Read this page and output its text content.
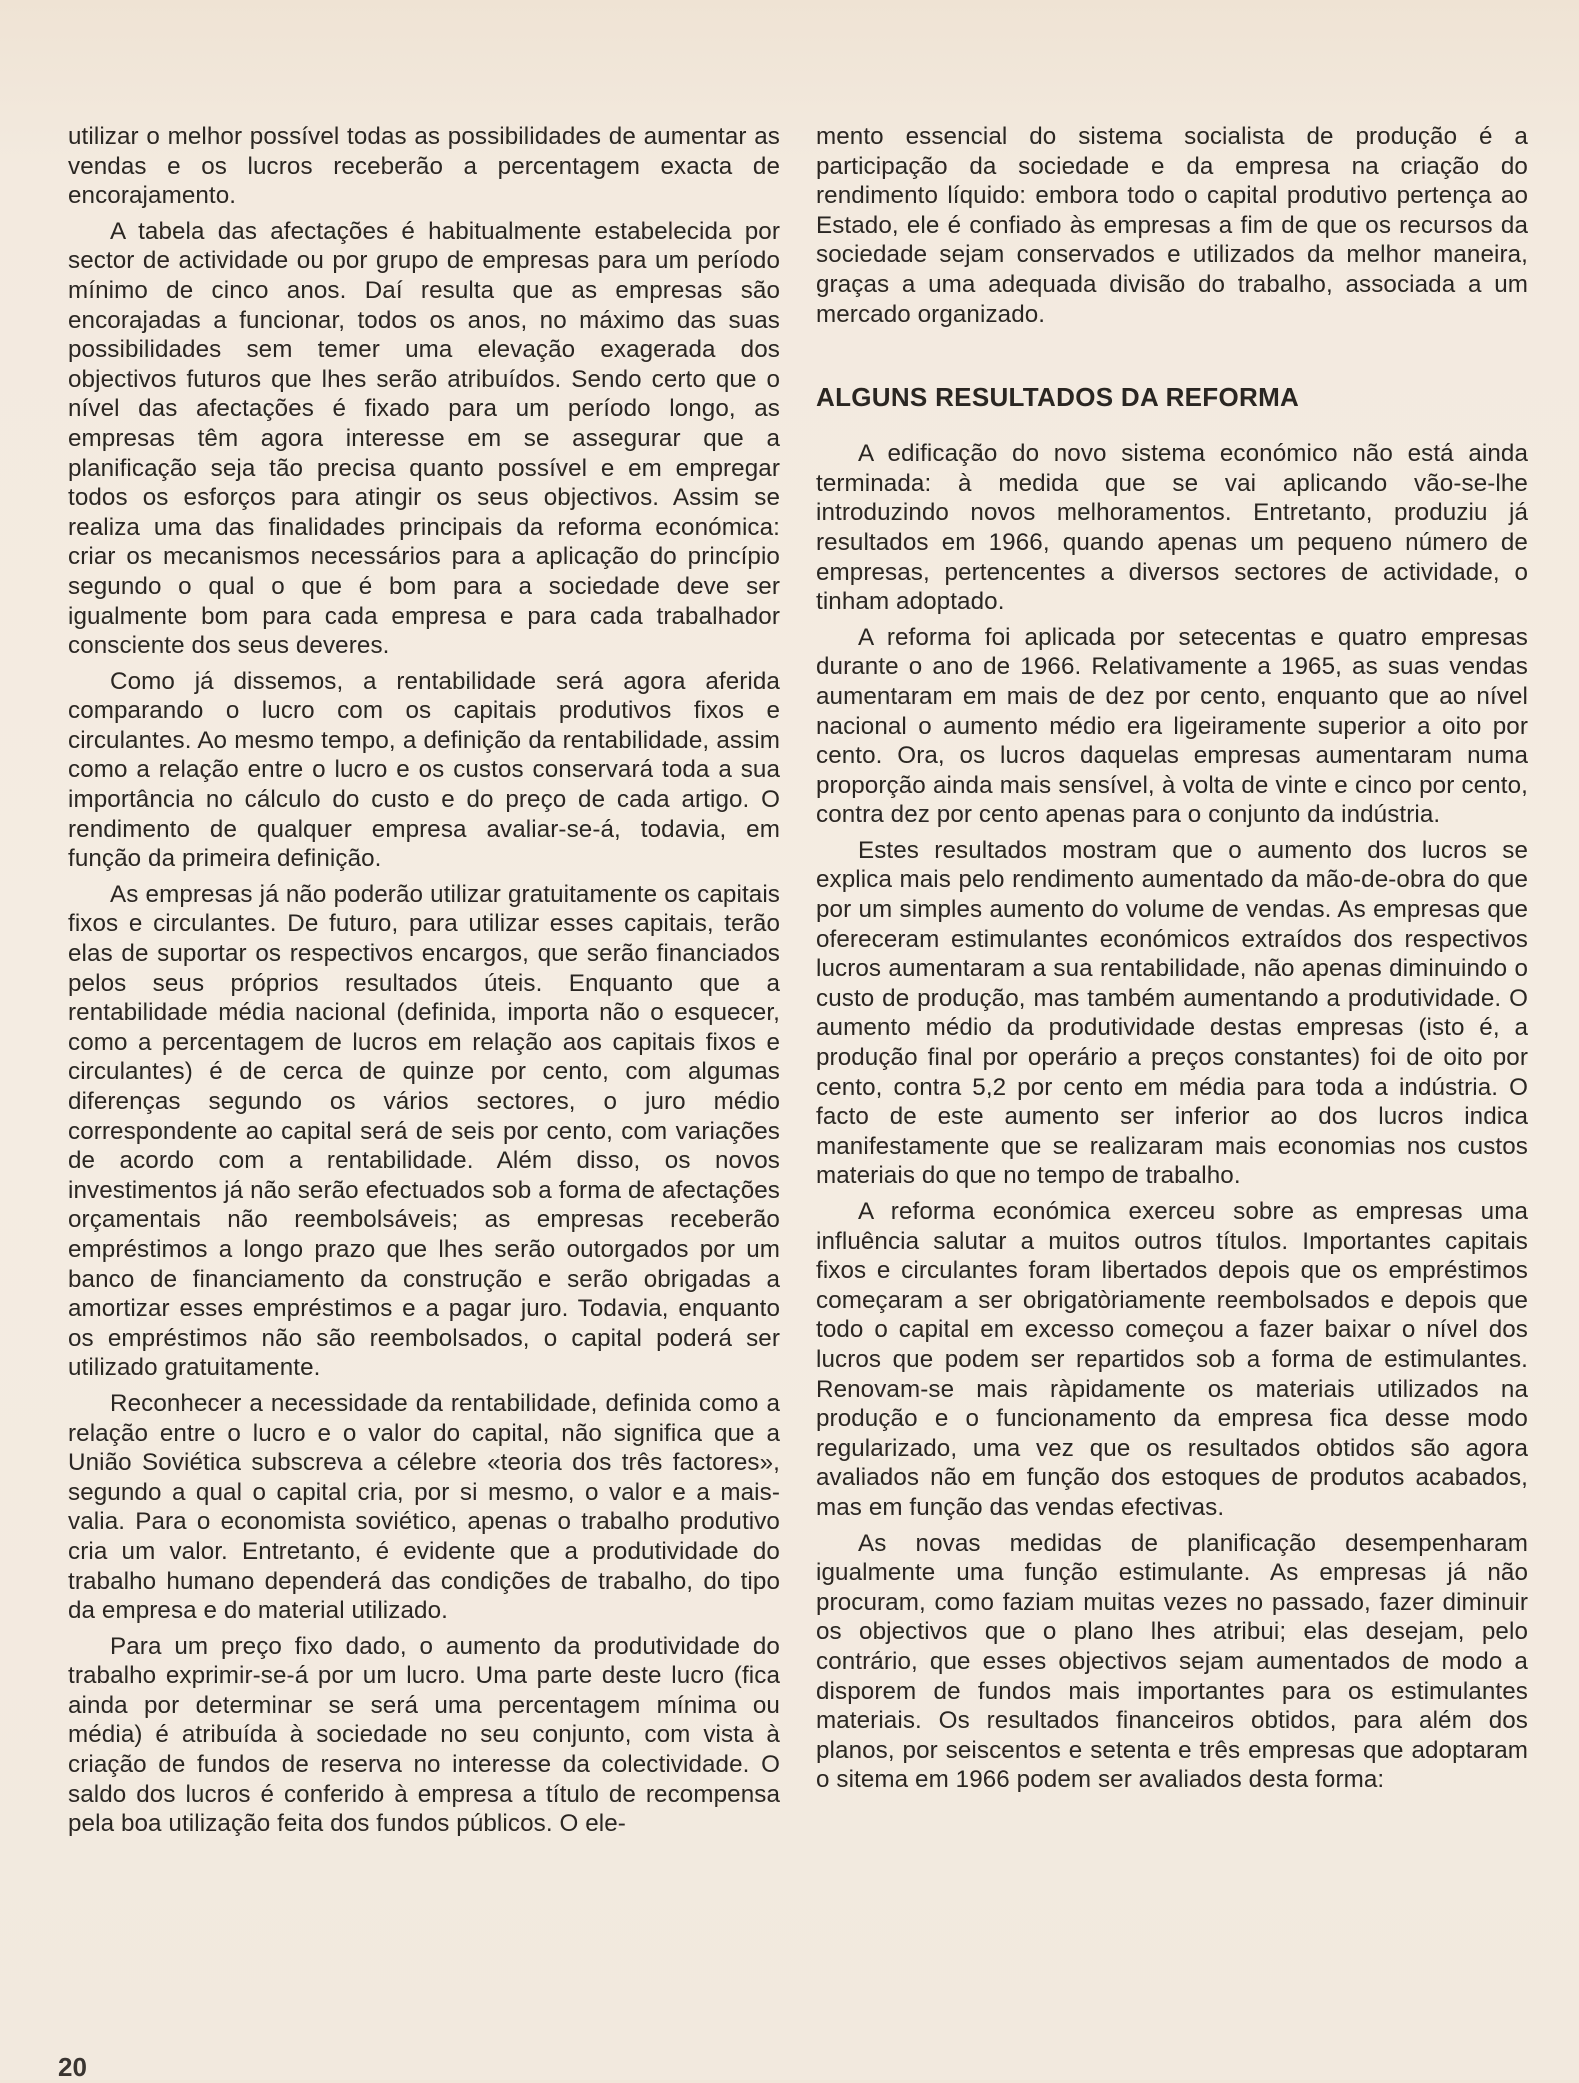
utilizar o melhor possível todas as possibilidades de aumentar as vendas e os lucros receberão a percentagem exacta de encorajamento.

A tabela das afectações é habitualmente estabelecida por sector de actividade ou por grupo de empresas para um período mínimo de cinco anos. Daí resulta que as empresas são encorajadas a funcionar, todos os anos, no máximo das suas possibilidades sem temer uma elevação exagerada dos objectivos futuros que lhes serão atribuídos. Sendo certo que o nível das afectações é fixado para um período longo, as empresas têm agora interesse em se assegurar que a planificação seja tão precisa quanto possível e em empregar todos os esforços para atingir os seus objectivos. Assim se realiza uma das finalidades principais da reforma económica: criar os mecanismos necessários para a aplicação do princípio segundo o qual o que é bom para a sociedade deve ser igualmente bom para cada empresa e para cada trabalhador consciente dos seus deveres.

Como já dissemos, a rentabilidade será agora aferida comparando o lucro com os capitais produtivos fixos e circulantes. Ao mesmo tempo, a definição da rentabilidade, assim como a relação entre o lucro e os custos conservará toda a sua importância no cálculo do custo e do preço de cada artigo. O rendimento de qualquer empresa avaliar-se-á, todavia, em função da primeira definição.

As empresas já não poderão utilizar gratuitamente os capitais fixos e circulantes. De futuro, para utilizar esses capitais, terão elas de suportar os respectivos encargos, que serão financiados pelos seus próprios resultados úteis. Enquanto que a rentabilidade média nacional (definida, importa não o esquecer, como a percentagem de lucros em relação aos capitais fixos e circulantes) é de cerca de quinze por cento, com algumas diferenças segundo os vários sectores, o juro médio correspondente ao capital será de seis por cento, com variações de acordo com a rentabilidade. Além disso, os novos investimentos já não serão efectuados sob a forma de afectações orçamentais não reembolsáveis; as empresas receberão empréstimos a longo prazo que lhes serão outorgados por um banco de financiamento da construção e serão obrigadas a amortizar esses empréstimos e a pagar juro. Todavia, enquanto os empréstimos não são reembolsados, o capital poderá ser utilizado gratuitamente.

Reconhecer a necessidade da rentabilidade, definida como a relação entre o lucro e o valor do capital, não significa que a União Soviética subscreva a célebre «teoria dos três factores», segundo a qual o capital cria, por si mesmo, o valor e a mais-valia. Para o economista soviético, apenas o trabalho produtivo cria um valor. Entretanto, é evidente que a produtividade do trabalho humano dependerá das condições de trabalho, do tipo da empresa e do material utilizado.

Para um preço fixo dado, o aumento da produtividade do trabalho exprimir-se-á por um lucro. Uma parte deste lucro (fica ainda por determinar se será uma percentagem mínima ou média) é atribuída à sociedade no seu conjunto, com vista à criação de fundos de reserva no interesse da colectividade. O saldo dos lucros é conferido à empresa a título de recompensa pela boa utilização feita dos fundos públicos. O ele-

mento essencial do sistema socialista de produção é a participação da sociedade e da empresa na criação do rendimento líquido: embora todo o capital produtivo pertença ao Estado, ele é confiado às empresas a fim de que os recursos da sociedade sejam conservados e utilizados da melhor maneira, graças a uma adequada divisão do trabalho, associada a um mercado organizado.

ALGUNS RESULTADOS DA REFORMA

A edificação do novo sistema económico não está ainda terminada: à medida que se vai aplicando vão-se-lhe introduzindo novos melhoramentos. Entretanto, produziu já resultados em 1966, quando apenas um pequeno número de empresas, pertencentes a diversos sectores de actividade, o tinham adoptado.

A reforma foi aplicada por setecentas e quatro empresas durante o ano de 1966. Relativamente a 1965, as suas vendas aumentaram em mais de dez por cento, enquanto que ao nível nacional o aumento médio era ligeiramente superior a oito por cento. Ora, os lucros daquelas empresas aumentaram numa proporção ainda mais sensível, à volta de vinte e cinco por cento, contra dez por cento apenas para o conjunto da indústria.

Estes resultados mostram que o aumento dos lucros se explica mais pelo rendimento aumentado da mão-de-obra do que por um simples aumento do volume de vendas. As empresas que ofereceram estimulantes económicos extraídos dos respectivos lucros aumentaram a sua rentabilidade, não apenas diminuindo o custo de produção, mas também aumentando a produtividade. O aumento médio da produtividade destas empresas (isto é, a produção final por operário a preços constantes) foi de oito por cento, contra 5,2 por cento em média para toda a indústria. O facto de este aumento ser inferior ao dos lucros indica manifestamente que se realizaram mais economias nos custos materiais do que no tempo de trabalho.

A reforma económica exerceu sobre as empresas uma influência salutar a muitos outros títulos. Importantes capitais fixos e circulantes foram libertados depois que os empréstimos começaram a ser obrigatòriamente reembolsados e depois que todo o capital em excesso começou a fazer baixar o nível dos lucros que podem ser repartidos sob a forma de estimulantes. Renovam-se mais ràpidamente os materiais utilizados na produção e o funcionamento da empresa fica desse modo regularizado, uma vez que os resultados obtidos são agora avaliados não em função dos estoques de produtos acabados, mas em função das vendas efectivas.

As novas medidas de planificação desempenharam igualmente uma função estimulante. As empresas já não procuram, como faziam muitas vezes no passado, fazer diminuir os objectivos que o plano lhes atribui; elas desejam, pelo contrário, que esses objectivos sejam aumentados de modo a disporem de fundos mais importantes para os estimulantes materiais. Os resultados financeiros obtidos, para além dos planos, por seiscentos e setenta e três empresas que adoptaram o sitema em 1966 podem ser avaliados desta forma:

20
